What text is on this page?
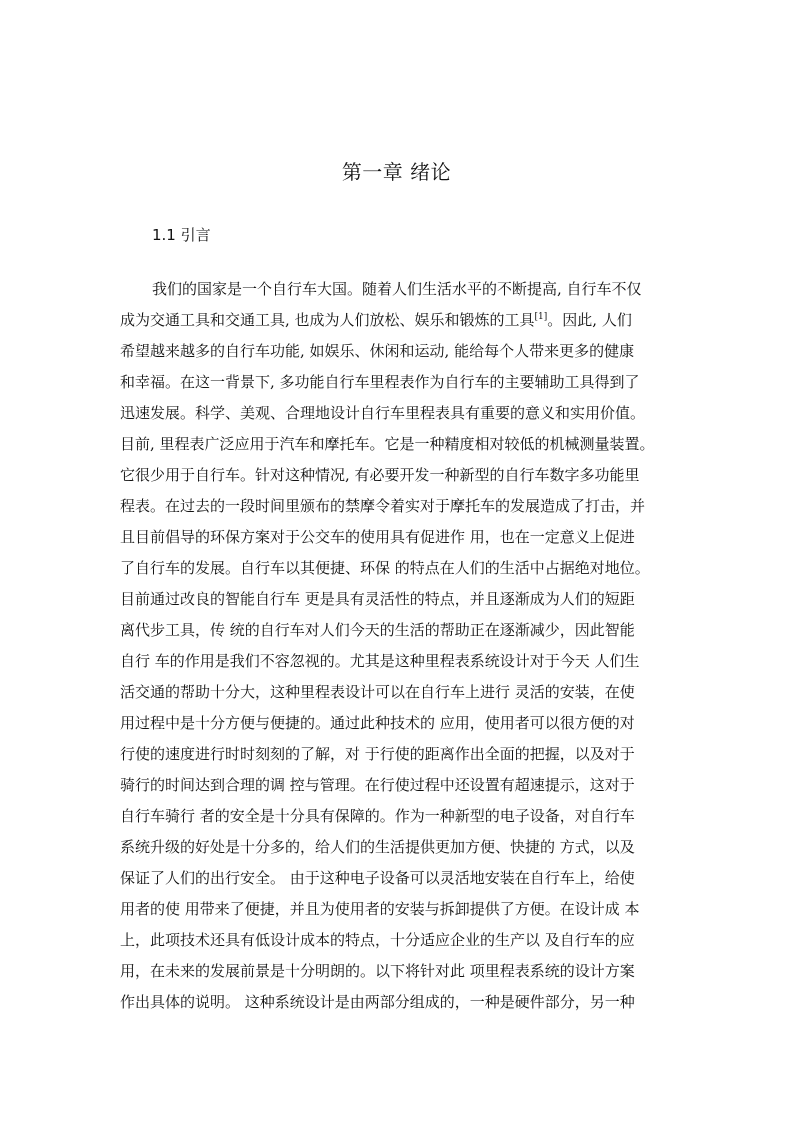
第一章 绪论
1.1 引言
我们的国家是一个自行车大国。随着人们生活水平的不断提高, 自行车不仅
成为交通工具和交通工具, 也成为人们放松、娱乐和锻炼的工具[1]。因此, 人们
希望越来越多的自行车功能, 如娱乐、休闲和运动, 能给每个人带来更多的健康
和幸福。在这一背景下, 多功能自行车里程表作为自行车的主要辅助工具得到了
迅速发展。科学、美观、合理地设计自行车里程表具有重要的意义和实用价值。
目前, 里程表广泛应用于汽车和摩托车。它是一种精度相对较低的机械测量装置。
它很少用于自行车。针对这种情况, 有必要开发一种新型的自行车数字多功能里
程表。在过去的一段时间里颁布的禁摩令着实对于摩托车的发展造成了打击，并
且目前倡导的环保方案对于公交车的使用具有促进作 用，也在一定意义上促进
了自行车的发展。自行车以其便捷、环保 的特点在人们的生活中占据绝对地位。
目前通过改良的智能自行车 更是具有灵活性的特点，并且逐渐成为人们的短距
离代步工具，传 统的自行车对人们今天的生活的帮助正在逐渐减少，因此智能
自行 车的作用是我们不容忽视的。尤其是这种里程表系统设计对于今天 人们生
活交通的帮助十分大，这种里程表设计可以在自行车上进行 灵活的安装，在使
用过程中是十分方便与便捷的。通过此种技术的 应用，使用者可以很方便的对
行使的速度进行时时刻刻的了解，对 于行使的距离作出全面的把握，以及对于
骑行的时间达到合理的调 控与管理。在行使过程中还设置有超速提示，这对于
自行车骑行 者的安全是十分具有保障的。作为一种新型的电子设备，对自行车
系统升级的好处是十分多的，给人们的生活提供更加方便、快捷的 方式，以及
保证了人们的出行安全。 由于这种电子设备可以灵活地安装在自行车上，给使
用者的使 用带来了便捷，并且为使用者的安装与拆卸提供了方便。在设计成 本
上，此项技术还具有低设计成本的特点，十分适应企业的生产以 及自行车的应
用，在未来的发展前景是十分明朗的。以下将针对此 项里程表系统的设计方案
作出具体的说明。 这种系统设计是由两部分组成的，一种是硬件部分，另一种
